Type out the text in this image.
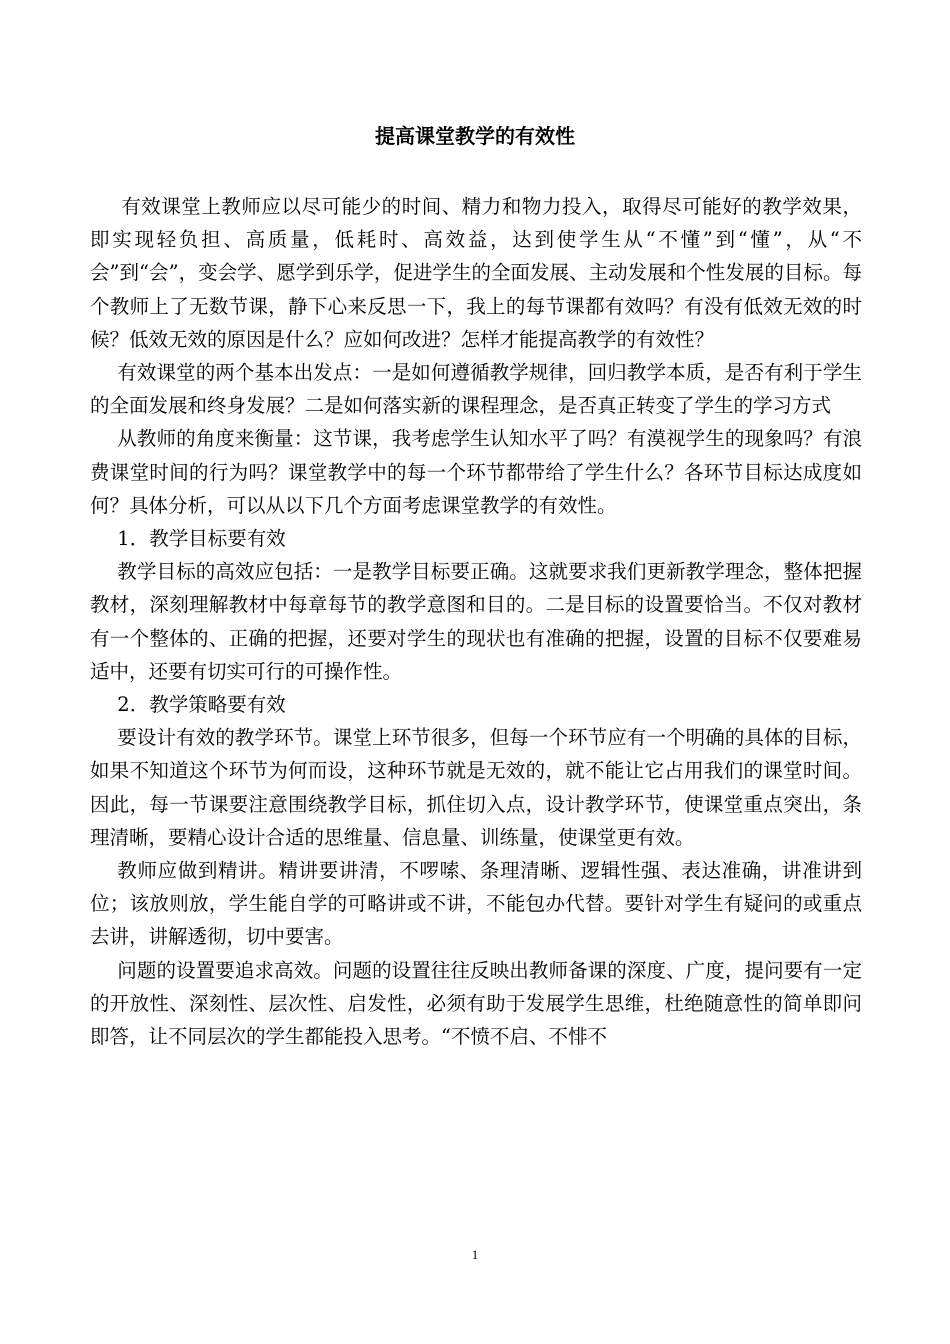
提高课堂教学的有效性

有效课堂上教师应以尽可能少的时间、精力和物力投入，取得尽可能好的教学效果，即实现轻负担、高质量，低耗时、高效益，达到使学生从“不懂”到“懂”，从“不会”到“会”，变会学、愿学到乐学，促进学生的全面发展、主动发展和个性发展的目标。每个教师上了无数节课，静下心来反思一下，我上的每节课都有效吗？有没有低效无效的时候？低效无效的原因是什么？应如何改进？怎样才能提高教学的有效性？

有效课堂的两个基本出发点：一是如何遵循教学规律，回归教学本质，是否有利于学生的全面发展和终身发展？二是如何落实新的课程理念，是否真正转变了学生的学习方式

从教师的角度来衡量：这节课，我考虑学生认知水平了吗？有漠视学生的现象吗？有浪费课堂时间的行为吗？课堂教学中的每一个环节都带给了学生什么？各环节目标达成度如何？具体分析，可以从以下几个方面考虑课堂教学的有效性。

1．教学目标要有效

教学目标的高效应包括：一是教学目标要正确。这就要求我们更新教学理念，整体把握教材，深刻理解教材中每章每节的教学意图和目的。二是目标的设置要恰当。不仅对教材有一个整体的、正确的把握，还要对学生的现状也有准确的把握，设置的目标不仅要难易适中，还要有切实可行的可操作性。

2．教学策略要有效

要设计有效的教学环节。课堂上环节很多，但每一个环节应有一个明确的具体的目标，如果不知道这个环节为何而设，这种环节就是无效的，就不能让它占用我们的课堂时间。因此，每一节课要注意围绕教学目标，抓住切入点，设计教学环节，使课堂重点突出，条理清晰，要精心设计合适的思维量、信息量、训练量，使课堂更有效。

教师应做到精讲。精讲要讲清，不啰嗦、条理清晰、逻辑性强、表达准确，讲准讲到位；该放则放，学生能自学的可略讲或不讲，不能包办代替。要针对学生有疑问的或重点去讲，讲解透彻，切中要害。

问题的设置要追求高效。问题的设置往往反映出教师备课的深度、广度，提问要有一定的开放性、深刻性、层次性、启发性，必须有助于发展学生思维，杜绝随意性的简单即问即答，让不同层次的学生都能投入思考。“不愤不启、不悱不

1
